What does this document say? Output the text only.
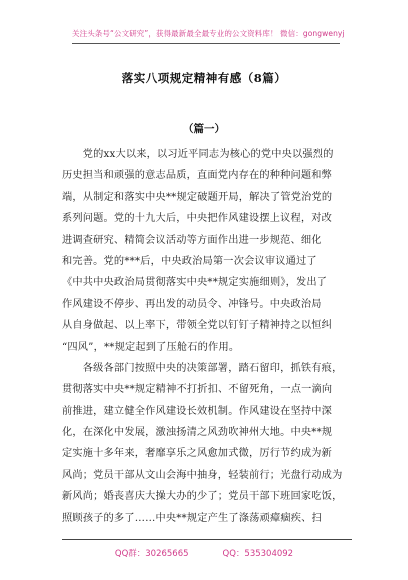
关注头条号“公文研究”，获得最新最全最专业的公文资料库！ 微信：gongwenyj
落实八项规定精神有感（8篇）
（篇一）
　　党的xx大以来，以习近平同志为核心的党中央以强烈的
历史担当和顽强的意志品质，直面党内存在的种种问题和弊
端，从制定和落实中央**规定破题开局，解决了管党治党的
系列问题。党的十九大后，中央把作风建设摆上议程，对改
进调查研究、精简会议活动等方面作出进一步规范、细化
和完善。党的***后，中央政治局第一次会议审议通过了
《中共中央政治局贯彻落实中央**规定实施细则》，发出了
作风建设不停步、再出发的动员令、冲锋号。中央政治局
从自身做起、以上率下，带领全党以钉钉子精神持之以恒纠
“四风”，**规定起到了压舱石的作用。
　　各级各部门按照中央的决策部署，踏石留印，抓铁有痕，
贯彻落实中央**规定精神不打折扣、不留死角，一点一滴向
前推进，建立健全作风建设长效机制。作风建设在坚持中深
化，在深化中发展，激浊扬清之风劲吹神州大地。中央**规
定实施十多年来，奢靡享乐之风愈加式微，厉行节约成为新
风尚；党员干部从文山会海中抽身，轻装前行；光盘行动成为
新风尚；婚丧喜庆大操大办的少了；党员干部下班回家吃饭，
照顾孩子的多了……中央**规定产生了涤荡顽瘴痼疾、扫
QQ群：30265665　　　　QQ：535304092
